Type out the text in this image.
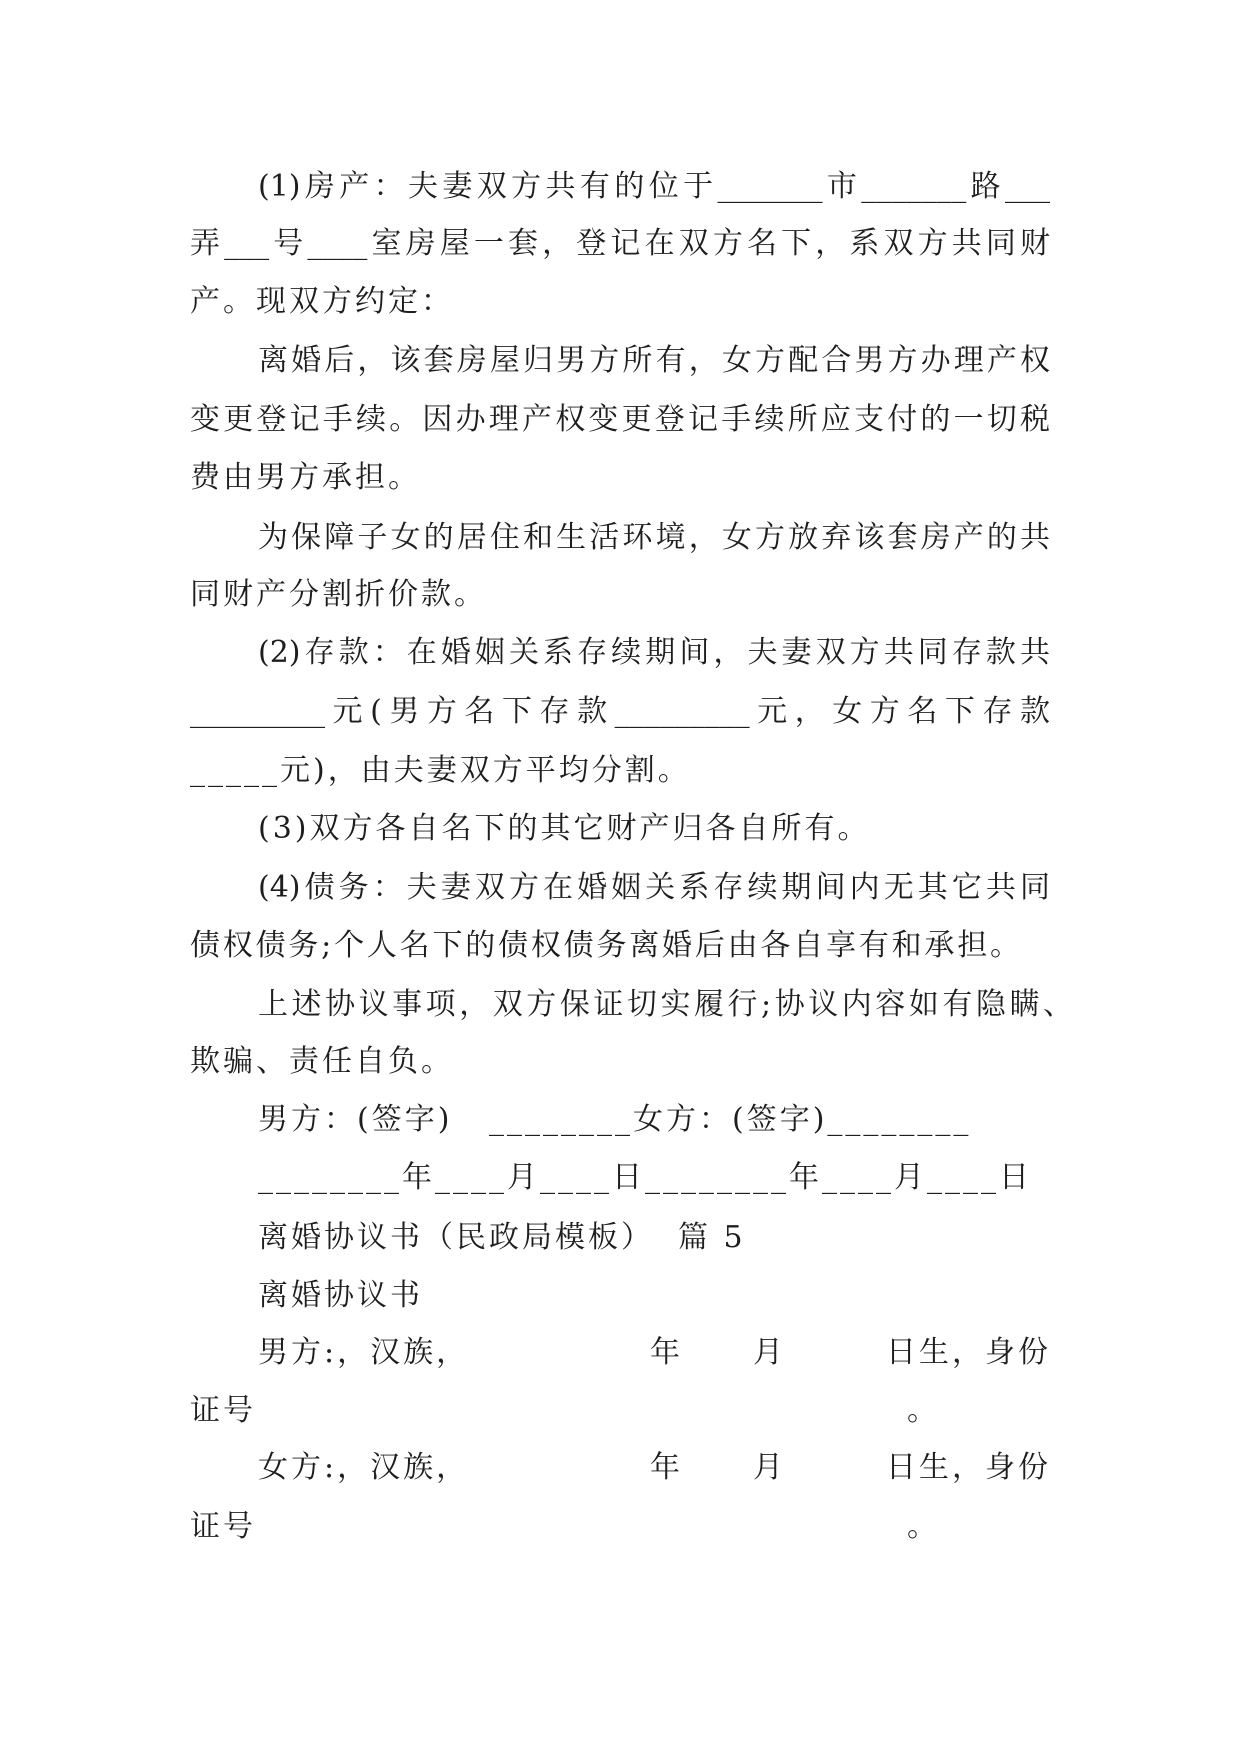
(1)房产：夫妻双方共有的位于_______市_______路___
弄___号____室房屋一套，登记在双方名下，系双方共同财
产。现双方约定：
离婚后，该套房屋归男方所有，女方配合男方办理产权
变更登记手续。因办理产权变更登记手续所应支付的一切税
费由男方承担。
为保障子女的居住和生活环境，女方放弃该套房产的共
同财产分割折价款。
(2)存款：在婚姻关系存续期间，夫妻双方共同存款共
_________元(男方名下存款_________元，女方名下存款
_____元)，由夫妻双方平均分割。
(3)双方各自名下的其它财产归各自所有。
(4)债务：夫妻双方在婚姻关系存续期间内无其它共同
债权债务;个人名下的债权债务离婚后由各自享有和承担。
上述协议事项，双方保证切实履行;协议内容如有隐瞒、
欺骗、责任自负。
男方：(签字) ________女方：(签字)________
________年____月____日________年____月____日
离婚协议书（民政局模板） 篇 5
离婚协议书
男方:，汉族，	年 月	日生，身份
证号	。
女方:，汉族，	年 月	日生，身份
证号	。
